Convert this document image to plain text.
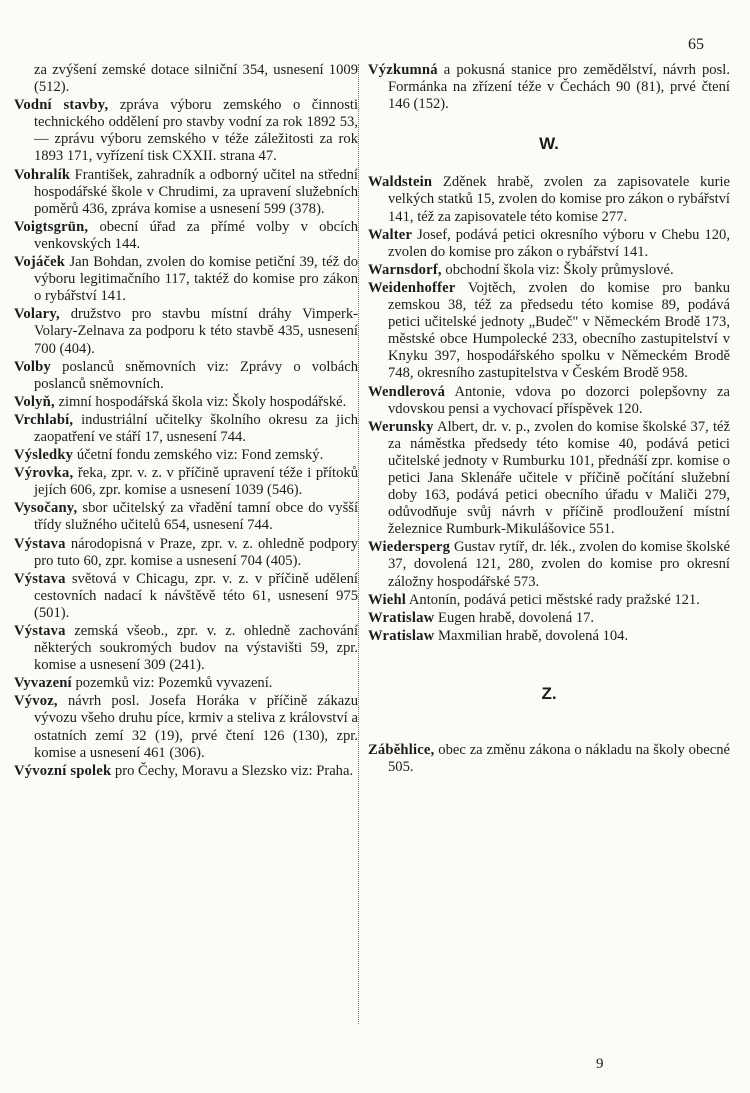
65

za zvýšení zemské dotace silniční 354, usnesení 1009 (512).

Vodní stavby, zpráva výboru zemského o činnosti technického oddělení pro stavby vodní za rok 1892 53, — zprávu výboru zemského v téže záležitosti za rok 1893 171, vyřízení tisk CXXII. strana 47.

Vohralík František, zahradník a odborný učitel na střední hospodářské škole v Chrudimi, za upravení služebních poměrů 436, zpráva komise a usnesení 599 (378).

Voigtsgrün, obecní úřad za přímé volby v obcích venkovských 144.

Vojáček Jan Bohdan, zvolen do komise petiční 39, též do výboru legitimačního 117, taktéž do komise pro zákon o rybářství 141.

Volary, družstvo pro stavbu místní dráhy Vimperk-Volary-Zelnava za podporu k této stavbě 435, usnesení 700 (404).

Volby poslanců sněmovních viz: Zprávy o volbách poslanců sněmovních.

Volyň, zimní hospodářská škola viz: Školy hospodářské.

Vrchlabí, industriální učitelky školního okresu za jich zaopatření ve stáří 17, usnesení 744.

Výsledky účetní fondu zemského viz: Fond zemský.

Výrovka, řeka, zpr. v. z. v příčině upravení téže i přítoků jejích 606, zpr. komise a usnesení 1039 (546).

Vysočany, sbor učitelský za vřadění tamní obce do vyšší třídy služného učitelů 654, usnesení 744.

Výstava národopisná v Praze, zpr. v. z. ohledně podpory pro tuto 60, zpr. komise a usnesení 704 (405).

Výstava světová v Chicagu, zpr. v. z. v příčině udělení cestovních nadací k návštěvě této 61, usnesení 975 (501).

Výstava zemská všeob., zpr. v. z. ohledně zachování některých soukromých budov na výstavišti 59, zpr. komise a usnesení 309 (241).

Vyvazení pozemků viz: Pozemků vyvazení.

Vývoz, návrh posl. Josefa Horáka v příčině zákazu vývozu všeho druhu píce, krmiv a steliva z království a ostatních zemí 32 (19), prvé čtení 126 (130), zpr. komise a usnesení 461 (306).

Vývozní spolek pro Čechy, Moravu a Slezsko viz: Praha.

Výzkumná a pokusná stanice pro zemědělství, návrh posl. Formánka na zřízení téže v Čechách 90 (81), prvé čtení 146 (152).

W.

Waldstein Zděnek hrabě, zvolen za zapisovatele kurie velkých statků 15, zvolen do komise pro zákon o rybářství 141, též za zapisovatele této komise 277.

Walter Josef, podává petici okresního výboru v Chebu 120, zvolen do komise pro zákon o rybářství 141.

Warnsdorf, obchodní škola viz: Školy průmyslové.

Weidenhoffer Vojtěch, zvolen do komise pro banku zemskou 38, též za předsedu této komise 89, podává petici učitelské jednoty „Budeč" v Německém Brodě 173, městské obce Humpolecké 233, obecního zastupitelství v Knyku 397, hospodářského spolku v Německém Brodě 748, okresního zastupitelstva v Českém Brodě 958.

Wendlerová Antonie, vdova po dozorci polepšovny za vdovskou pensi a vychovací příspěvek 120.

Werunsky Albert, dr. v. p., zvolen do komise školské 37, též za náměstka předsedy této komise 40, podává petici učitelské jednoty v Rumburku 101, přednáší zpr. komise o petici Jana Sklenáře učitele v příčině počítání služební doby 163, podává petici obecního úřadu v Maliči 279, odůvodňuje svůj návrh v příčině prodloužení místní železnice Rumburk-Mikulášovice 551.

Wiedersperg Gustav rytíř, dr. lék., zvolen do komise školské 37, dovolená 121, 280, zvolen do komise pro okresní záložny hospodářské 573.

Wiehl Antonín, podává petici městské rady pražské 121.

Wratislaw Eugen hrabě, dovolená 17.

Wratislaw Maxmilian hrabě, dovolená 104.

Z.

Záběhlice, obec za změnu zákona o nákladu na školy obecné 505.

9
